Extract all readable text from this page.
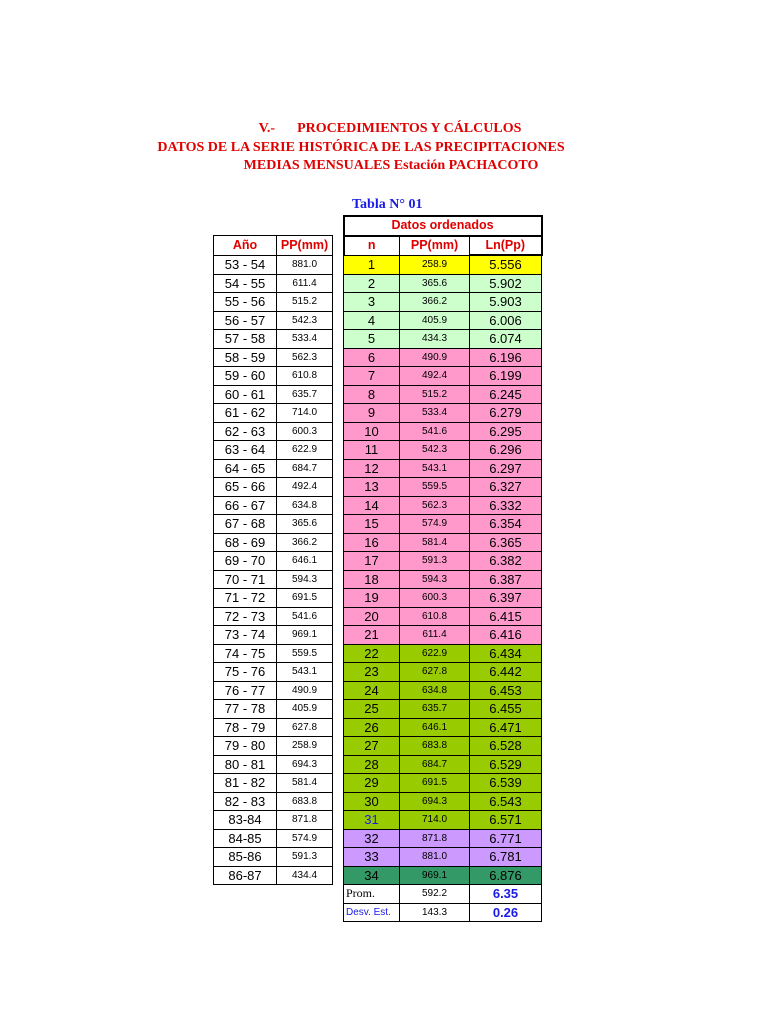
V.- PROCEDIMIENTOS Y CÁLCULOS
DATOS DE LA SERIE HISTÓRICA DE LAS PRECIPITACIONES
MEDIAS MENSUALES Estación PACHACOTO
Tabla N° 01
			Datos ordenados		
Año	PP(mm)		n	PP(mm)	Ln(Pp)
53 - 54	881.0		1	258.9	5.556
54 - 55	611.4		2	365.6	5.902
55 - 56	515.2		3	366.2	5.903
56 - 57	542.3		4	405.9	6.006
57 - 58	533.4		5	434.3	6.074
58 - 59	562.3		6	490.9	6.196
59 - 60	610.8		7	492.4	6.199
60 - 61	635.7		8	515.2	6.245
61 - 62	714.0		9	533.4	6.279
62 - 63	600.3		10	541.6	6.295
63 - 64	622.9		11	542.3	6.296
64 - 65	684.7		12	543.1	6.297
65 - 66	492.4		13	559.5	6.327
66 - 67	634.8		14	562.3	6.332
67 - 68	365.6		15	574.9	6.354
68 - 69	366.2		16	581.4	6.365
69 - 70	646.1		17	591.3	6.382
70 - 71	594.3		18	594.3	6.387
71 - 72	691.5		19	600.3	6.397
72 - 73	541.6		20	610.8	6.415
73 - 74	969.1		21	611.4	6.416
74 - 75	559.5		22	622.9	6.434
75 - 76	543.1		23	627.8	6.442
76 - 77	490.9		24	634.8	6.453
77 - 78	405.9		25	635.7	6.455
78 - 79	627.8		26	646.1	6.471
79 - 80	258.9		27	683.8	6.528
80 - 81	694.3		28	684.7	6.529
81 - 82	581.4		29	691.5	6.539
82 - 83	683.8		30	694.3	6.543
83-84	871.8		31	714.0	6.571
84-85	574.9		32	871.8	6.771
85-86	591.3		33	881.0	6.781
86-87	434.4		34	969.1	6.876
			Prom.	592.2	6.35
			Desv. Est.	143.3	0.26
